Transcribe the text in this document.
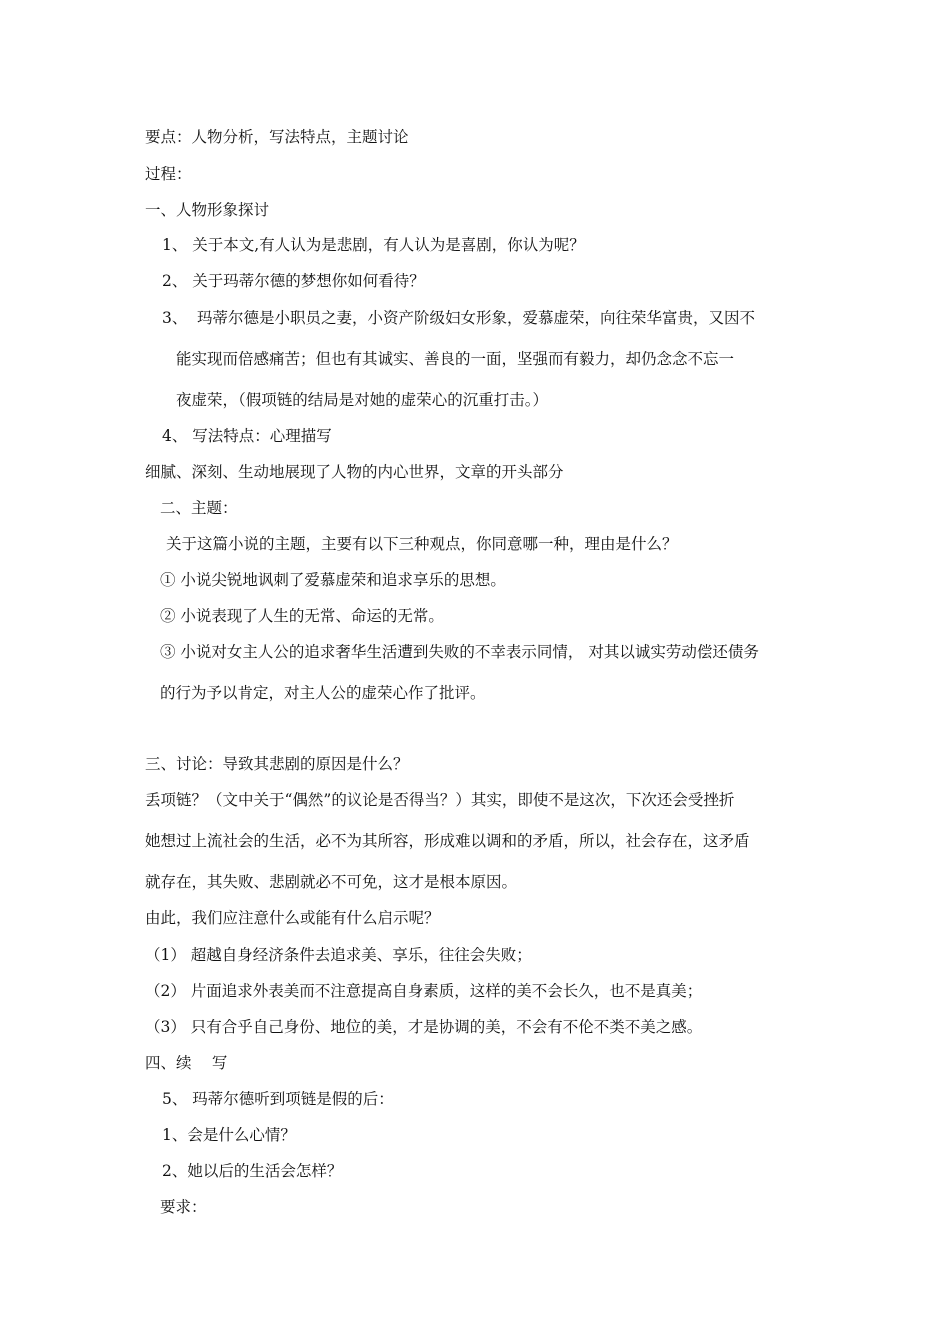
要点：人物分析，写法特点，主题讨论
过程：
一、人物形象探讨
1、 关于本文,有人认为是悲剧，有人认为是喜剧，你认为呢？
2、 关于玛蒂尔德的梦想你如何看待？
3、 玛蒂尔德是小职员之妻，小资产阶级妇女形象，爱慕虚荣，向往荣华富贵，又因不
能实现而倍感痛苦；但也有其诚实、善良的一面，坚强而有毅力，却仍念念不忘一
夜虚荣，（假项链的结局是对她的虚荣心的沉重打击。）
4、 写法特点：心理描写
细腻、深刻、生动地展现了人物的内心世界，文章的开头部分
二、主题：
关于这篇小说的主题，主要有以下三种观点，你同意哪一种，理由是什么？
① 小说尖锐地讽刺了爱慕虚荣和追求享乐的思想。
② 小说表现了人生的无常、命运的无常。
③ 小说对女主人公的追求奢华生活遭到失败的不幸表示同情， 对其以诚实劳动偿还债务
的行为予以肯定，对主人公的虚荣心作了批评。
三、讨论：导致其悲剧的原因是什么？
丢项链？（文中关于“偶然”的议论是否得当？）其实，即使不是这次，下次还会受挫折
她想过上流社会的生活，必不为其所容，形成难以调和的矛盾，所以，社会存在，这矛盾
就存在，其失败、悲剧就必不可免，这才是根本原因。
由此，我们应注意什么或能有什么启示呢？
（1） 超越自身经济条件去追求美、享乐，往往会失败；
（2） 片面追求外表美而不注意提高自身素质，这样的美不会长久，也不是真美；
（3） 只有合乎自己身份、地位的美，才是协调的美，不会有不伦不类不美之感。
四、续　 写
5、 玛蒂尔德听到项链是假的后：
1、会是什么心情？
2、她以后的生活会怎样？
要求：
